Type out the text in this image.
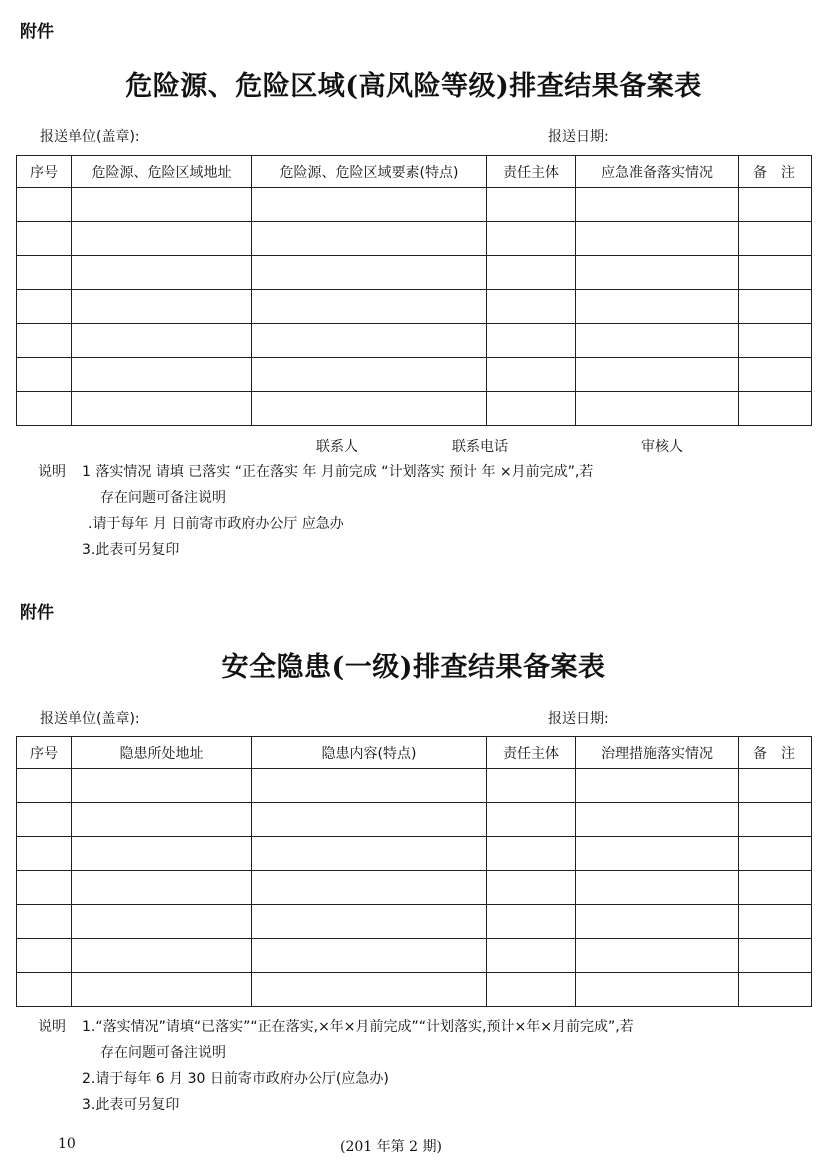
附件
危险源、危险区域(高风险等级)排查结果备案表
报送单位(盖章):	报送日期:
序号	危险源、危险区域地址	危险源、危险区域要素(特点)	责任主体	应急准备落实情况	备注

联系人	联系电话	审核人
说明 1 落实情况 请填 已落实 “正在落实 年 月前完成 “计划落实 预计 年 ×月前完成”,若
存在问题可备注说明
.请于每年 月 日前寄市政府办公厅 应急办
3.此表可另复印
附件
安全隐患(一级)排查结果备案表
报送单位(盖章):	报送日期:
序号	隐患所处地址	隐患内容(特点)	责任主体	治理措施落实情况	备注

说明 1.“落实情况”请填“已落实”“正在落实,×年×月前完成”“计划落实,预计×年×月前完成”,若
存在问题可备注说明
2.请于每年 6 月 30 日前寄市政府办公厅(应急办)
3.此表可另复印
10	(201 年第 2 期)
